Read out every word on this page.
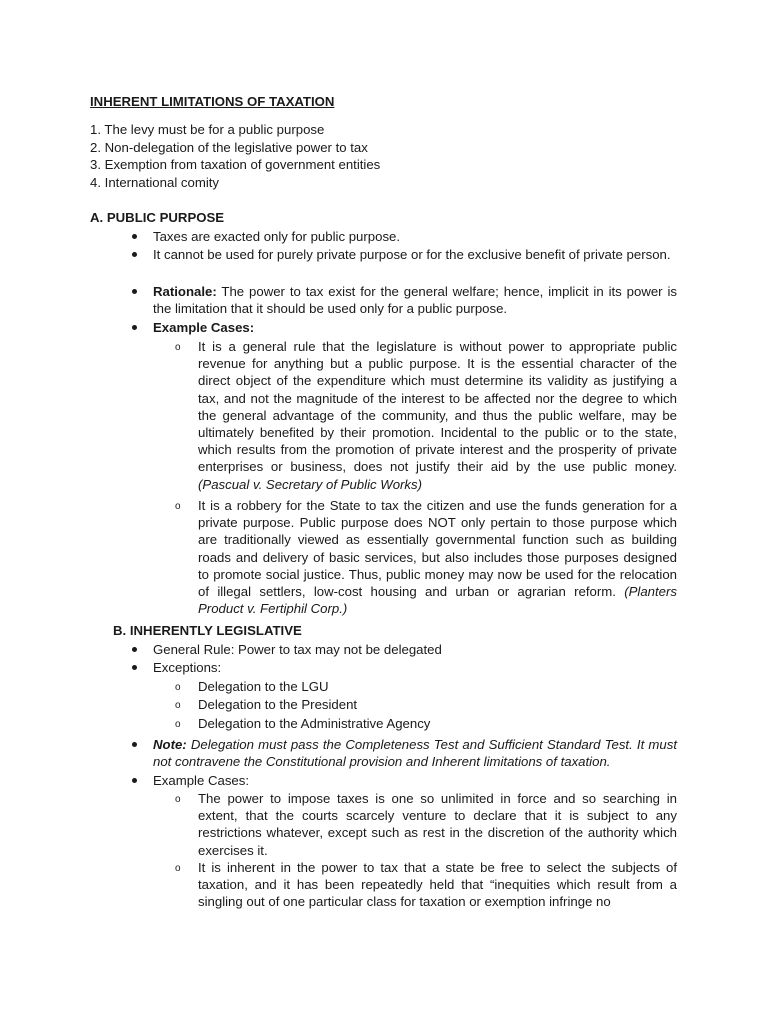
INHERENT LIMITATIONS OF TAXATION
1. The levy must be for a public purpose
2. Non-delegation of the legislative power to tax
3. Exemption from taxation of government entities
4. International comity
A. PUBLIC PURPOSE
Taxes are exacted only for public purpose.
It cannot be used for purely private purpose or for the exclusive benefit of private person.
Rationale: The power to tax exist for the general welfare; hence, implicit in its power is the limitation that it should be used only for a public purpose.
Example Cases:
o It is a general rule that the legislature is without power to appropriate public revenue for anything but a public purpose. It is the essential character of the direct object of the expenditure which must determine its validity as justifying a tax, and not the magnitude of the interest to be affected nor the degree to which the general advantage of the community, and thus the public welfare, may be ultimately benefited by their promotion. Incidental to the public or to the state, which results from the promotion of private interest and the prosperity of private enterprises or business, does not justify their aid by the use public money. (Pascual v. Secretary of Public Works)
o It is a robbery for the State to tax the citizen and use the funds generation for a private purpose. Public purpose does NOT only pertain to those purpose which are traditionally viewed as essentially governmental function such as building roads and delivery of basic services, but also includes those purposes designed to promote social justice. Thus, public money may now be used for the relocation of illegal settlers, low-cost housing and urban or agrarian reform. (Planters Product v. Fertiphil Corp.)
B. INHERENTLY LEGISLATIVE
General Rule: Power to tax may not be delegated
Exceptions:
o Delegation to the LGU
o Delegation to the President
o Delegation to the Administrative Agency
Note: Delegation must pass the Completeness Test and Sufficient Standard Test. It must not contravene the Constitutional provision and Inherent limitations of taxation.
Example Cases:
o The power to impose taxes is one so unlimited in force and so searching in extent, that the courts scarcely venture to declare that it is subject to any restrictions whatever, except such as rest in the discretion of the authority which exercises it.
o It is inherent in the power to tax that a state be free to select the subjects of taxation, and it has been repeatedly held that “inequities which result from a singling out of one particular class for taxation or exemption infringe no
